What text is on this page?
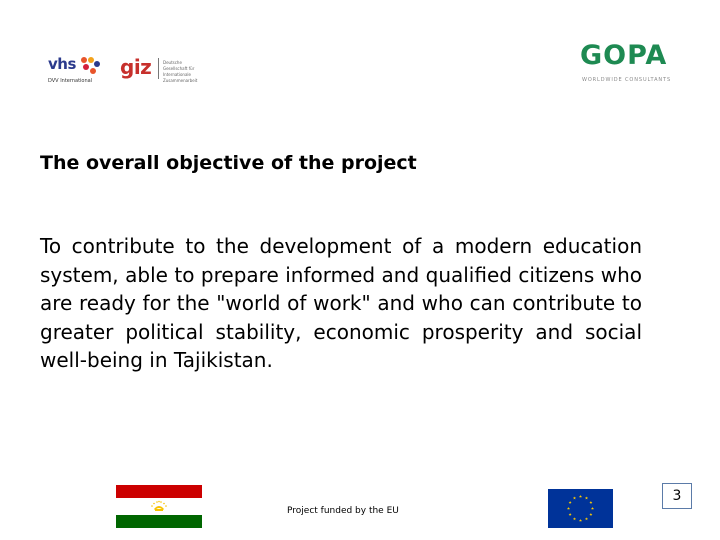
vhs
DVV International
giz	Deutsche Gesellschaft für Internationale Zusammenarbeit
GOPA
WORLDWIDE CONSULTANTS
The overall objective of the project
To contribute to the development of a modern education system, able to prepare informed and qualified citizens who are ready for the "world of work" and who can contribute to greater political stability, economic prosperity and social well-being in Tajikistan.
Project funded by the EU
3
